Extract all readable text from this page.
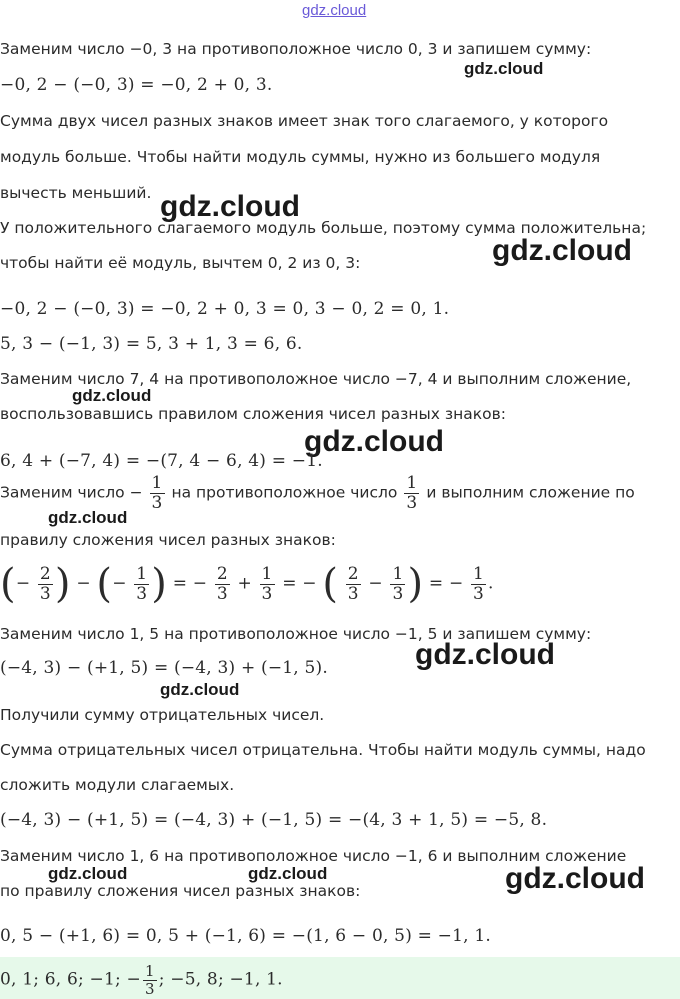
gdz.cloud
gdz.cloud
gdz.cloud
gdz.cloud
gdz.cloud
gdz.cloud
gdz.cloud
gdz.cloud
gdz.cloud
gdz.cloud	gdz.cloud	gdz.cloud
Заменим число −0, 3 на противоположное число 0, 3 и запишем сумму:
−0, 2 − (−0, 3) = −0, 2 + 0, 3.
Сумма двух чисел разных знаков имеет знак того слагаемого, у которого
модуль больше. Чтобы найти модуль суммы, нужно из большего модуля
вычесть меньший.
У положительного слагаемого модуль больше, поэтому сумма положительна;
чтобы найти её модуль, вычтем 0, 2 из 0, 3:
−0, 2 − (−0, 3) = −0, 2 + 0, 3 = 0, 3 − 0, 2 = 0, 1.
5, 3 − (−1, 3) = 5, 3 + 1, 3 = 6, 6.
Заменим число 7, 4 на противоположное число −7, 4 и выполним сложение,
воспользовавшись правилом сложения чисел разных знаков:
6, 4 + (−7, 4) = −(7, 4 − 6, 4) = −1.
Заменим число − $\frac{1}{3}$ на противоположное число $\frac{1}{3}$ и выполним сложение по
правилу сложения чисел разных знаков:
(− $\frac{2}{3}$ ) − (− $\frac{1}{3}$ ) = − $\frac{2}{3} + \frac{1}{3}$ = − ( $\frac{2}{3} - \frac{1}{3}$ ) = − $\frac{1}{3}$ .
Заменим число 1, 5 на противоположное число −1, 5 и запишем сумму:
(−4, 3) − (+1, 5) = (−4, 3) + (−1, 5).
Получили сумму отрицательных чисел.
Сумма отрицательных чисел отрицательна. Чтобы найти модуль суммы, надо
сложить модули слагаемых.
(−4, 3) − (+1, 5) = (−4, 3) + (−1, 5) = −(4, 3 + 1, 5) = −5, 8.
Заменим число 1, 6 на противоположное число −1, 6 и выполним сложение
по правилу сложения чисел разных знаков:
0, 5 − (+1, 6) = 0, 5 + (−1, 6) = −(1, 6 − 0, 5) = −1, 1.
0, 1; 6, 6; −1; − $\frac{1}{3}$ ; −5, 8; −1, 1.
